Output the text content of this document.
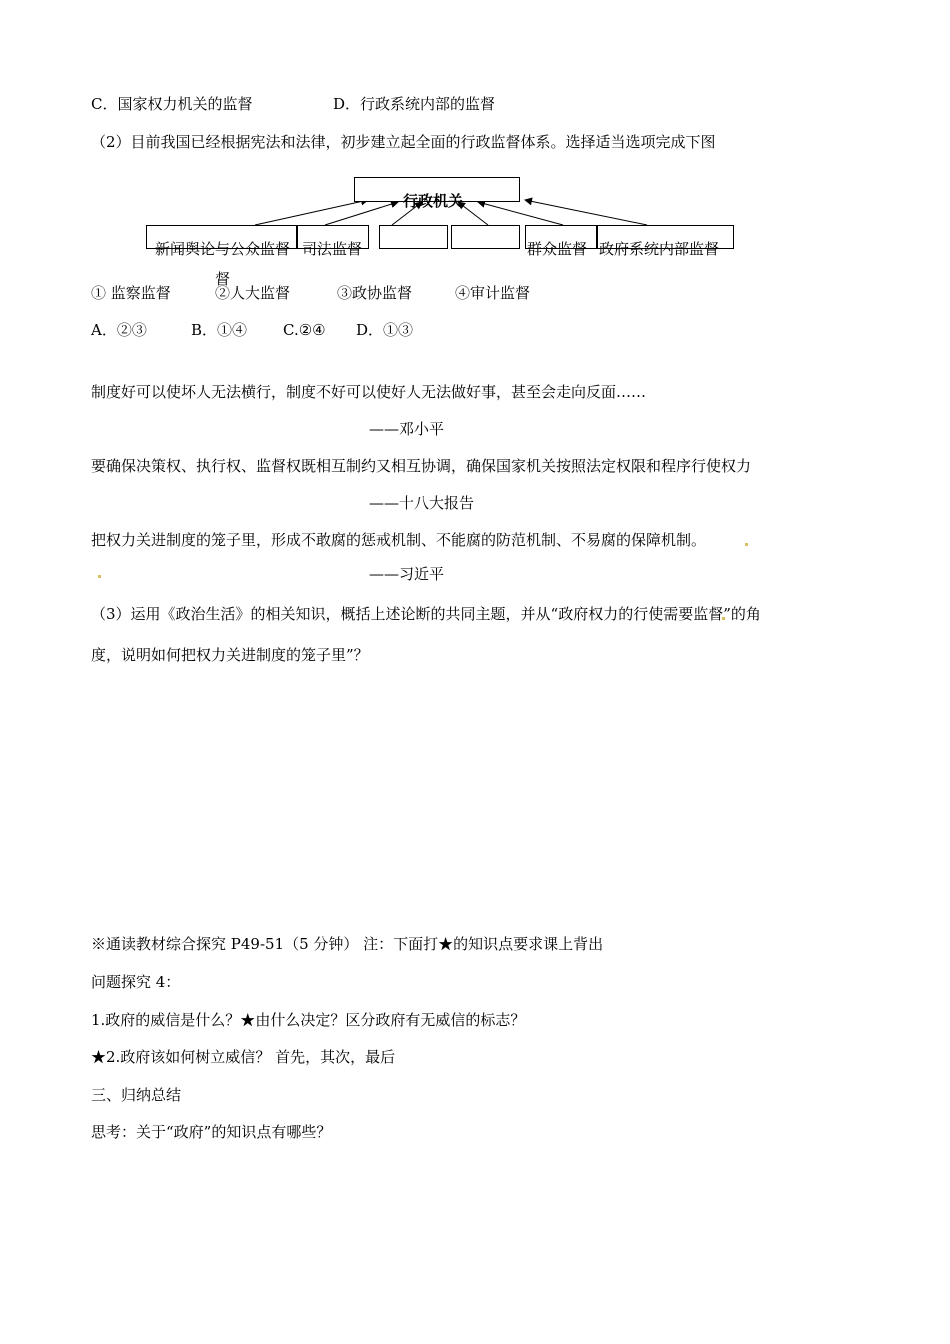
C．国家权力机关的监督	D．行政系统内部的监督
（2）目前我国已经根据宪法和法律，初步建立起全面的行政监督体系。选择适当选项完成下图
行政机关
新闻舆论与公众监督
督
司法监督	群众监督 政府系统内部监督
① 监察监督	②人大监督	③政协监督	④审计监督
A．②③	B．①④ C.②④ D．①③
制度好可以使坏人无法横行，制度不好可以使好人无法做好事，甚至会走向反面……
——邓小平
要确保决策权、执行权、监督权既相互制约又相互协调，确保国家机关按照法定权限和程序行使权力
——十八大报告
把权力关进制度的笼子里，形成不敢腐的惩戒机制、不能腐的防范机制、不易腐的保障机制。
——习近平
（3）运用《政治生活》的相关知识，概括上述论断的共同主题，并从“政府权力的行使需要监督”的角
度，说明如何把权力关进制度的笼子里”？
※通读教材综合探究 P49-51（5 分钟） 注：下面打★的知识点要求课上背出
问题探究 4：
1.政府的威信是什么？★由什么决定？区分政府有无威信的标志？
★2.政府该如何树立威信？ 首先，其次，最后
三、归纳总结
思考：关于“政府”的知识点有哪些？
